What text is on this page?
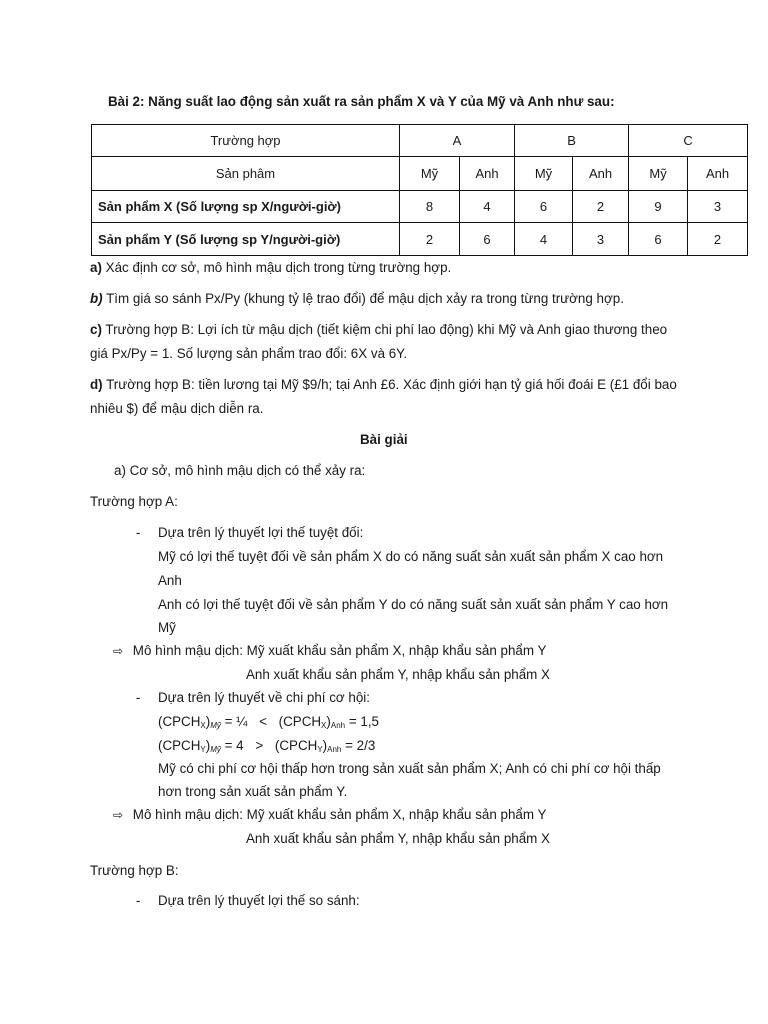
Bài 2: Năng suất lao động sản xuất ra sản phẩm X và Y của Mỹ và Anh như sau:
Trường hợp	A		B		C	
Sản phâm	Mỹ	Anh	Mỹ	Anh	Mỹ	Anh
Sản phẩm X (Số lượng sp X/người-giờ)	8	4	6	2	9	3
Sản phẩm Y (Số lượng sp Y/người-giờ)	2	6	4	3	6	2
a) Xác định cơ sở, mô hình mậu dịch trong từng trường hợp.
b) Tìm giá so sánh Px/Py (khung tỷ lệ trao đổi) để mậu dịch xảy ra trong từng trường hợp.
c) Trường hợp B: Lợi ích từ mậu dịch (tiết kiệm chi phí lao động) khi Mỹ và Anh giao thương theo
giá Px/Py = 1. Số lượng sản phẩm trao đổi: 6X và 6Y.
d) Trường hợp B: tiền lương tại Mỹ $9/h; tại Anh £6. Xác định giới hạn tỷ giá hối đoái E (£1 đổi bao
nhiêu $) để mậu dịch diễn ra.
Bài giải
a) Cơ sở, mô hình mậu dịch có thể xảy ra:
Trường hợp A:
- Dựa trên lý thuyết lợi thế tuyệt đối:
Mỹ có lợi thế tuyệt đối về sản phẩm X do có năng suất sản xuất sản phẩm X cao hơn
Anh
Anh có lợi thế tuyệt đối về sản phẩm Y do có năng suất sản xuất sản phẩm Y cao hơn
Mỹ
⇨ Mô hình mậu dịch: Mỹ xuất khẩu sản phẩm X, nhập khẩu sản phẩm Y
Anh xuất khẩu sản phẩm Y, nhập khẩu sản phẩm X
- Dựa trên lý thuyết về chi phí cơ hội:
$(CPCH_X)_{Mỹ}$ = ¼ < $(CPCH_X)_{Anh} = 1,5$
$(CPCH_Y)_{Mỹ} = 4$ > $(CPCH_Y)_{Anh} = 2/3$
Mỹ có chi phí cơ hội thấp hơn trong sản xuất sản phẩm X; Anh có chi phí cơ hội thấp
hơn trong sản xuất sản phẩm Y.
⇨ Mô hình mậu dịch: Mỹ xuất khẩu sản phẩm X, nhập khẩu sản phẩm Y
Anh xuất khẩu sản phẩm Y, nhập khẩu sản phẩm X
Trường hợp B:
- Dựa trên lý thuyết lợi thế so sánh:
